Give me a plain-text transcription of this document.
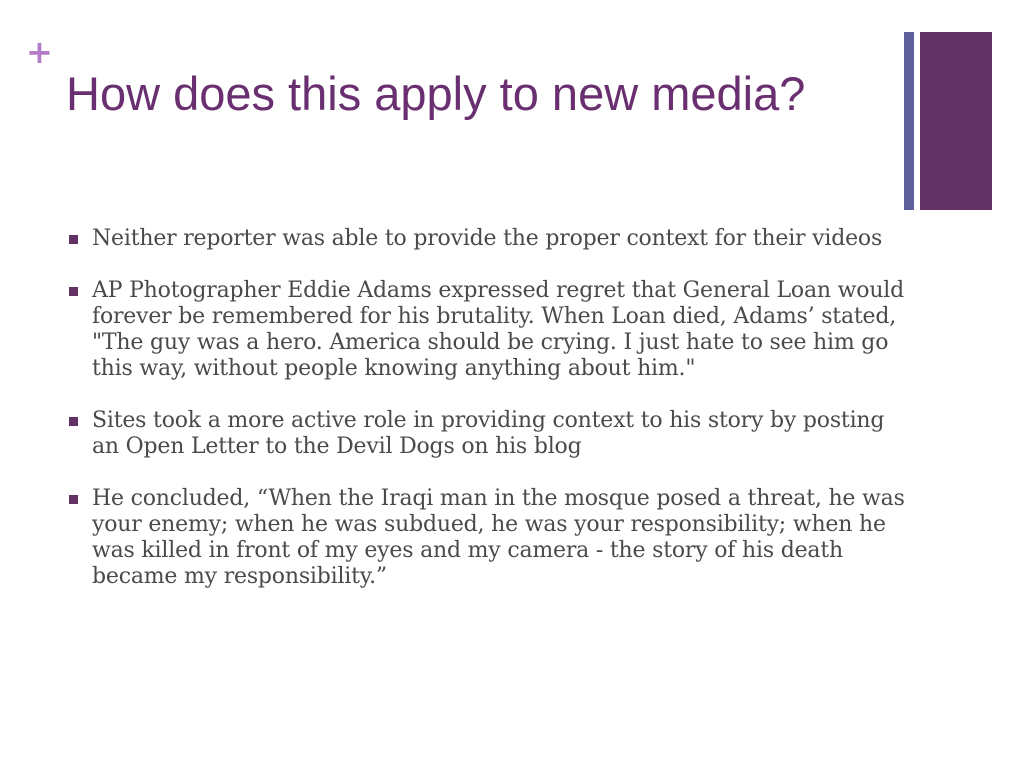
+
How does this apply to new media?
Neither reporter was able to provide the proper context for their videos
AP Photographer Eddie Adams expressed regret that General Loan would forever be remembered for his brutality. When Loan died, Adams’ stated, "The guy was a hero. America should be crying. I just hate to see him go this way, without people knowing anything about him."
Sites took a more active role in providing context to his story by posting an Open Letter to the Devil Dogs on his blog
He concluded, “When the Iraqi man in the mosque posed a threat, he was your enemy; when he was subdued, he was your responsibility; when he was killed in front of my eyes and my camera - the story of his death became my responsibility.”
